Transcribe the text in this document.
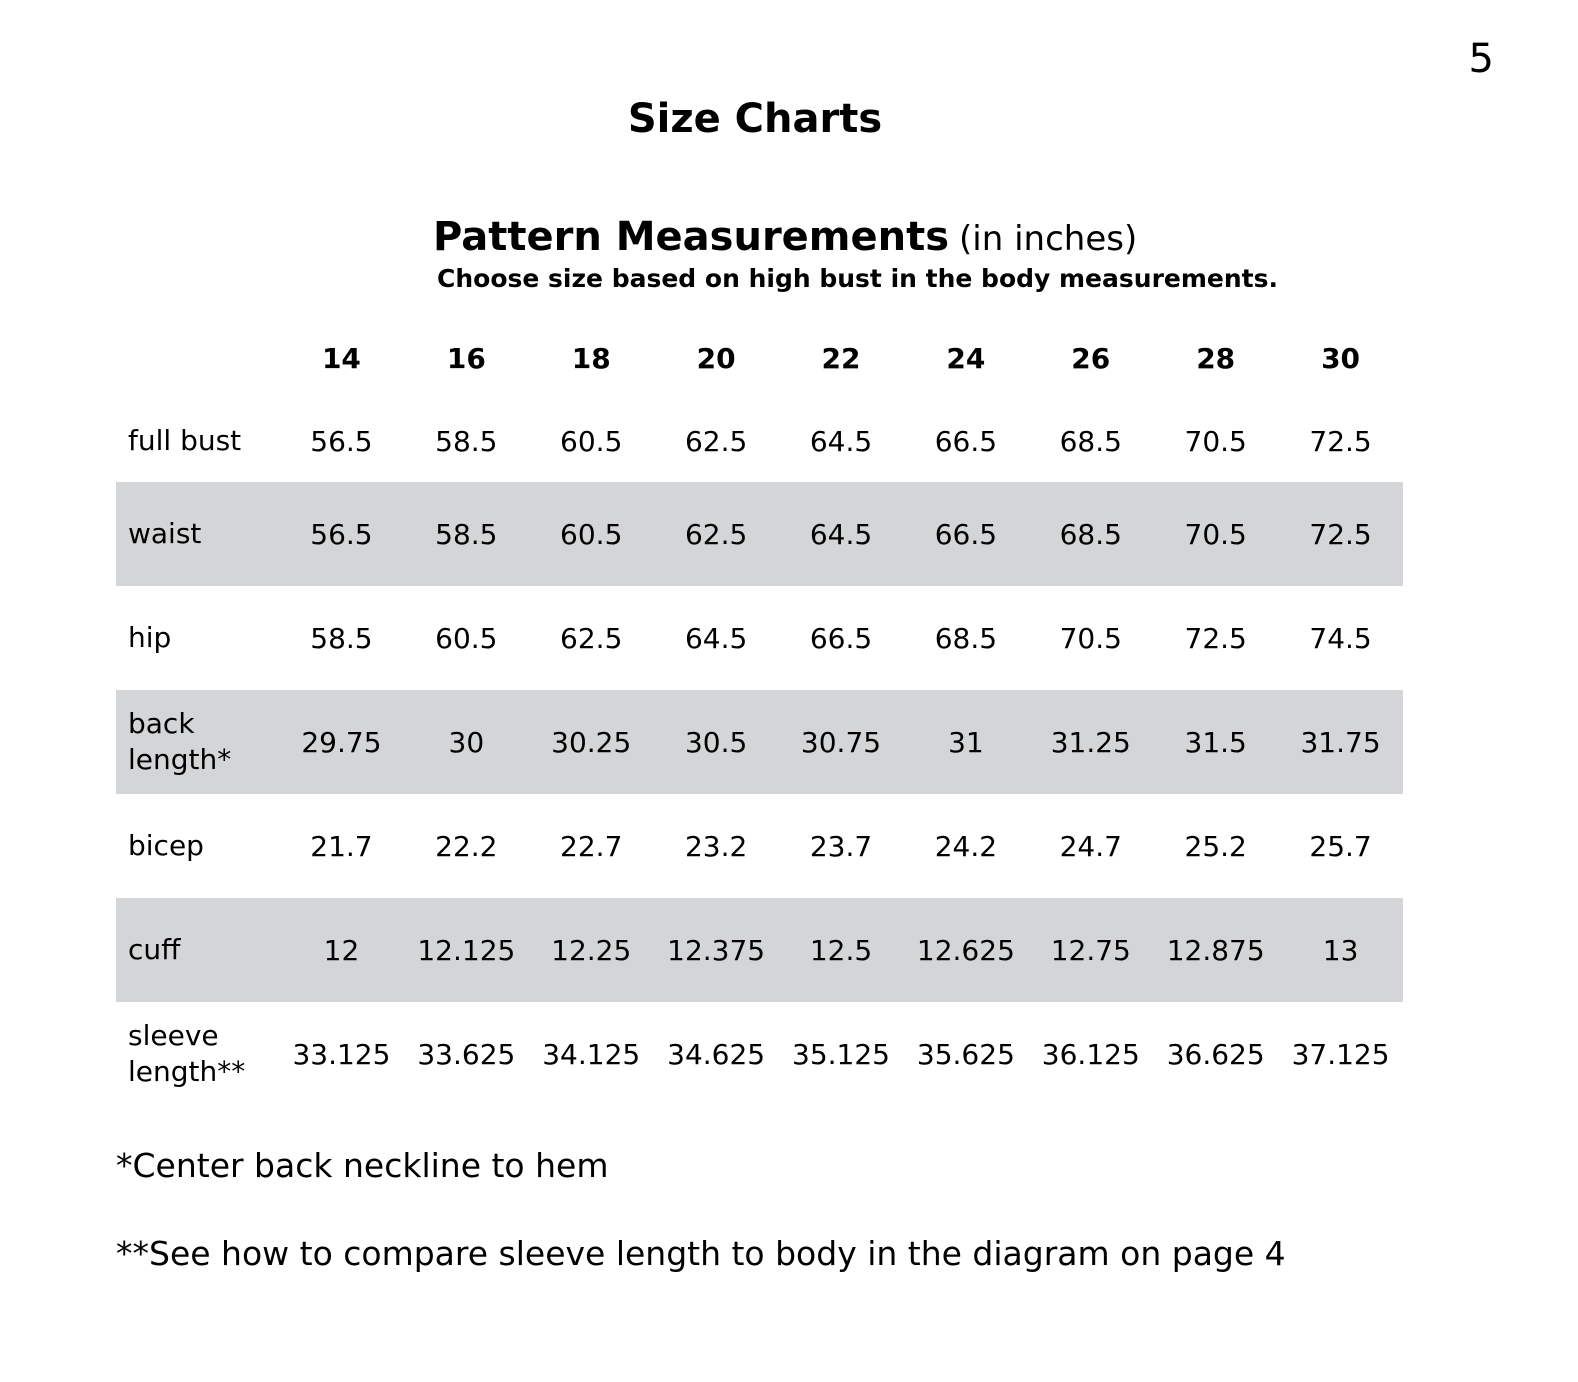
5
Size Charts
Pattern Measurements (in inches)
Choose size based on high bust in the body measurements.
	14	16	18	20	22	24	26	28	30
full bust	56.5	58.5	60.5	62.5	64.5	66.5	68.5	70.5	72.5
waist	56.5	58.5	60.5	62.5	64.5	66.5	68.5	70.5	72.5
hip	58.5	60.5	62.5	64.5	66.5	68.5	70.5	72.5	74.5
back length*	29.75	30	30.25	30.5	30.75	31	31.25	31.5	31.75
bicep	21.7	22.2	22.7	23.2	23.7	24.2	24.7	25.2	25.7
cuff	12	12.125	12.25	12.375	12.5	12.625	12.75	12.875	13
sleeve length**	33.125	33.625	34.125	34.625	35.125	35.625	36.125	36.625	37.125
*Center back neckline to hem
**See how to compare sleeve length to body in the diagram on page 4
